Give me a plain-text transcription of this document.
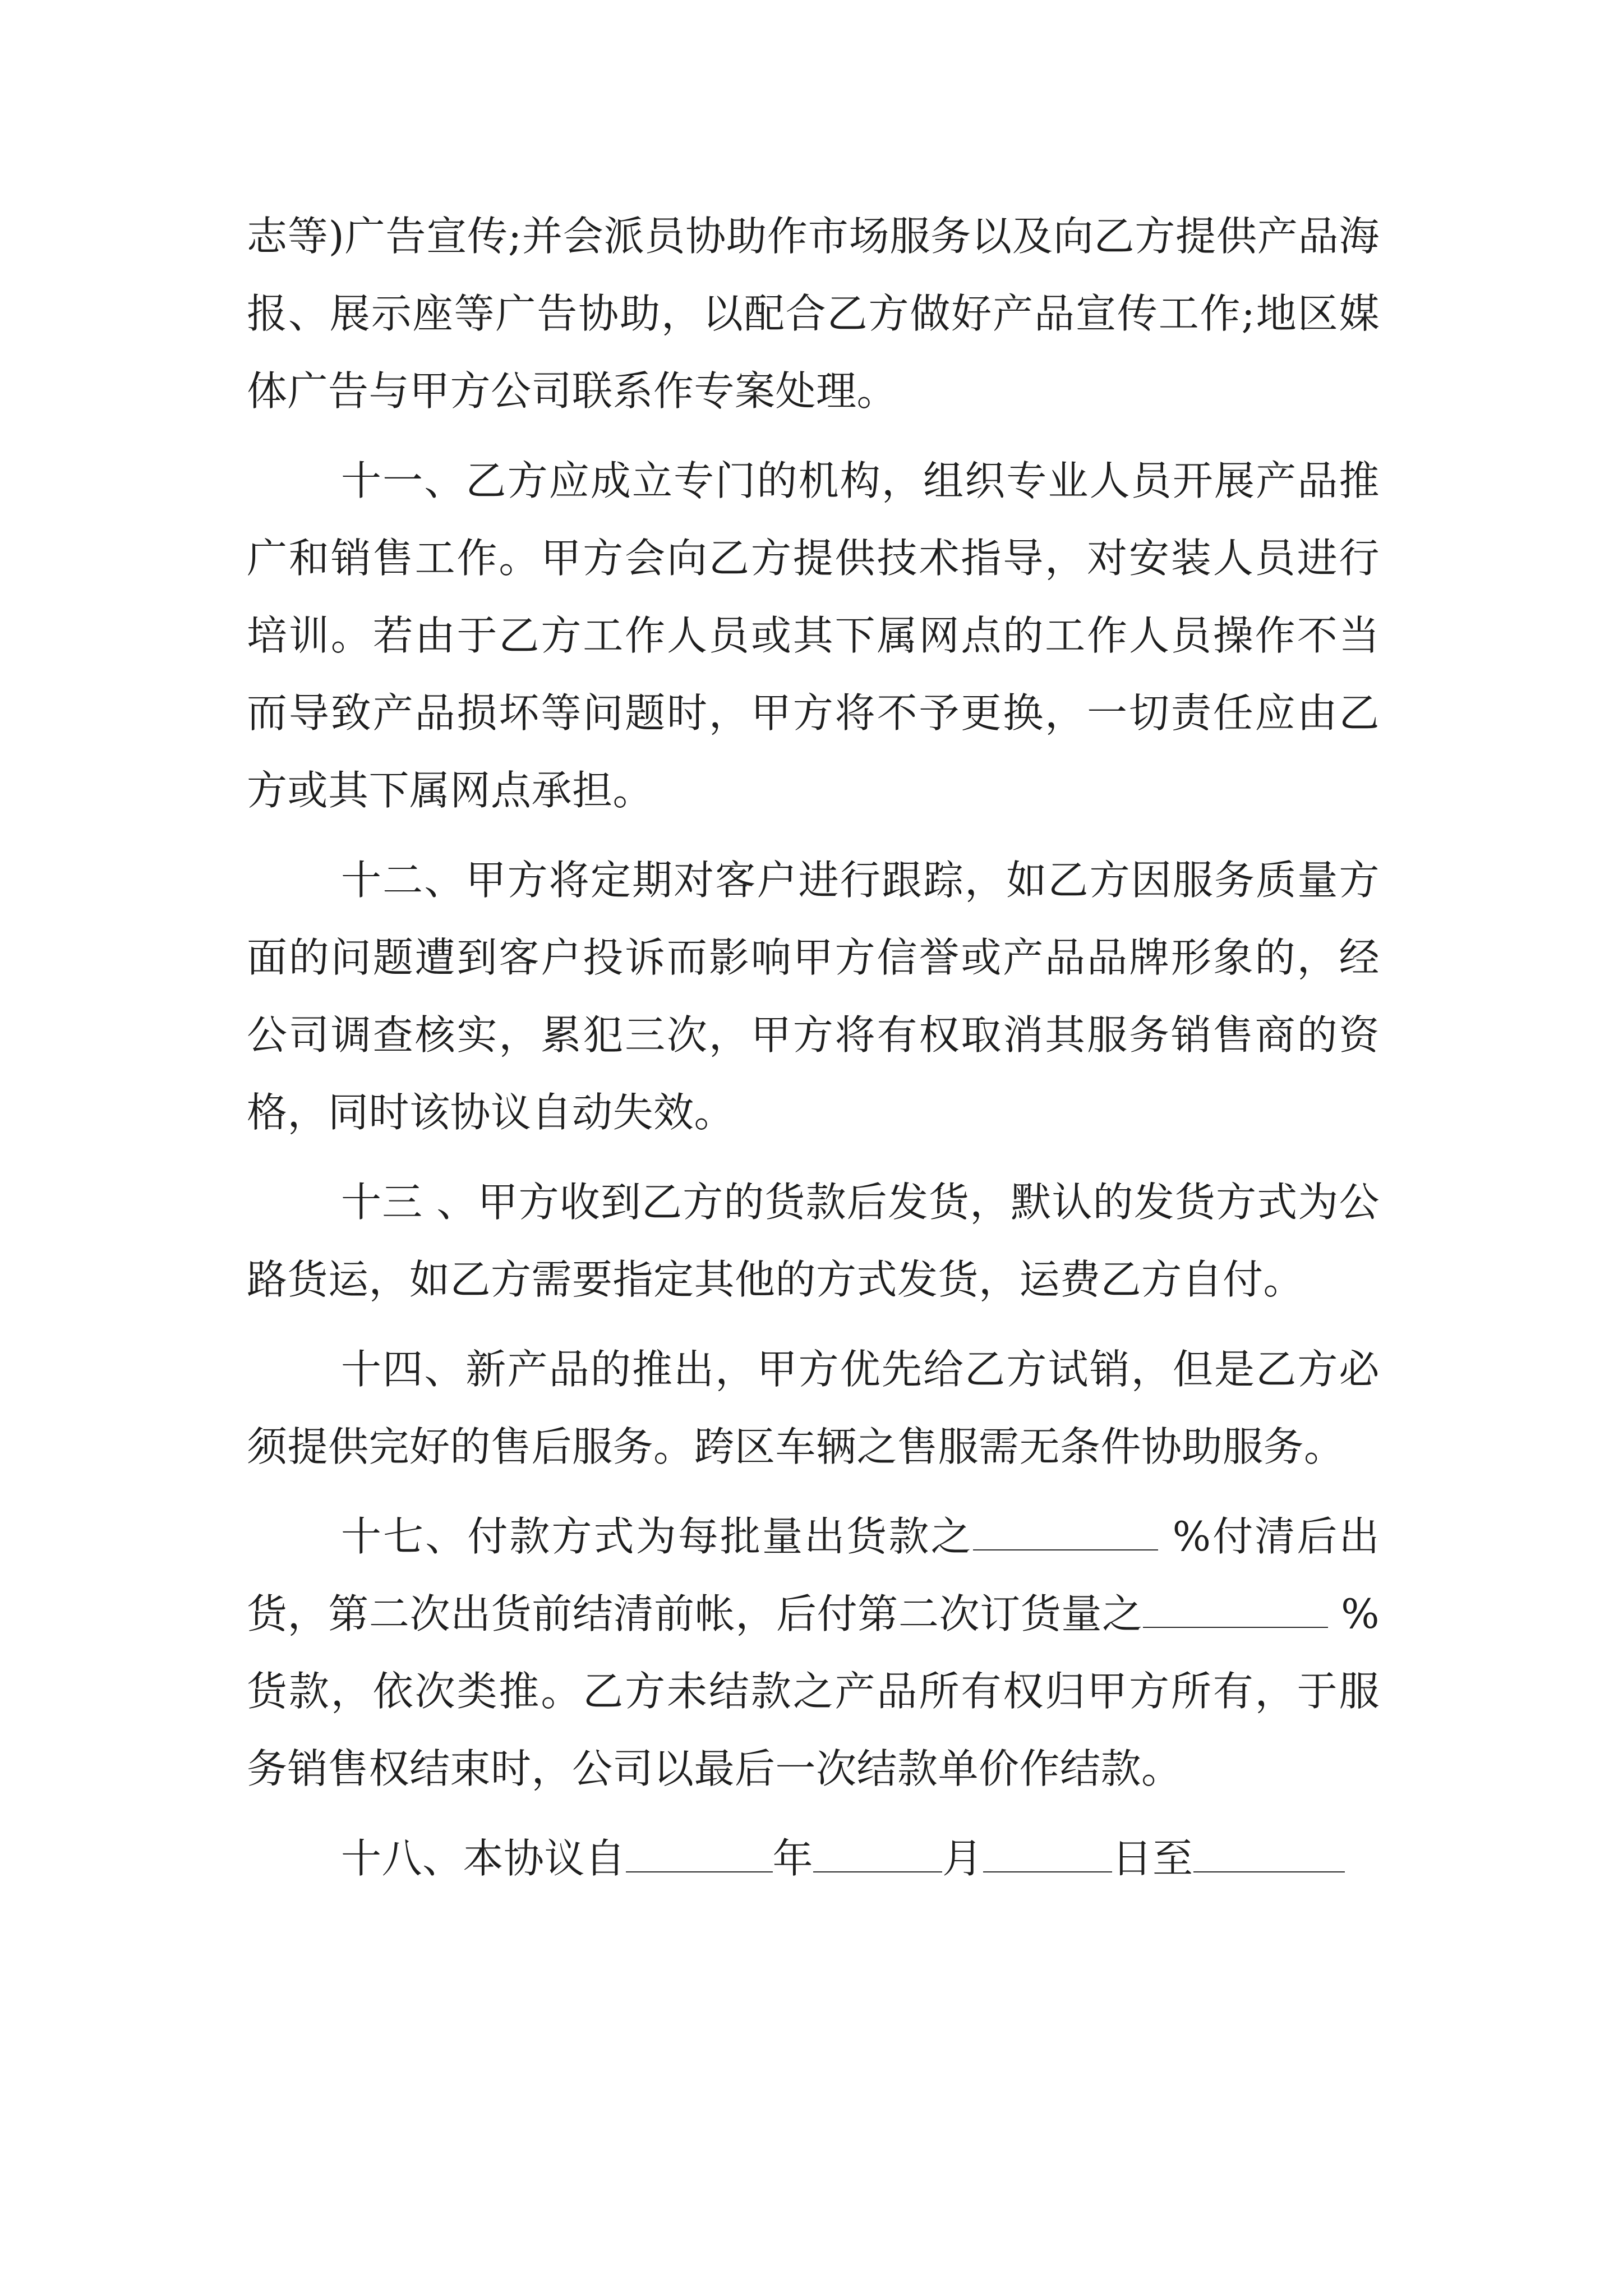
志等)广告宣传;并会派员协助作市场服务以及向乙方提供产品海报、展示座等广告协助，以配合乙方做好产品宣传工作;地区媒体广告与甲方公司联系作专案处理。

十一、乙方应成立专门的机构，组织专业人员开展产品推广和销售工作。甲方会向乙方提供技术指导，对安装人员进行培训。若由于乙方工作人员或其下属网点的工作人员操作不当而导致产品损坏等问题时，甲方将不予更换，一切责任应由乙方或其下属网点承担。

十二、甲方将定期对客户进行跟踪，如乙方因服务质量方面的问题遭到客户投诉而影响甲方信誉或产品品牌形象的，经公司调查核实，累犯三次，甲方将有权取消其服务销售商的资格，同时该协议自动失效。

十三 、甲方收到乙方的货款后发货，默认的发货方式为公路货运，如乙方需要指定其他的方式发货，运费乙方自付。

十四、新产品的推出，甲方优先给乙方试销，但是乙方必须提供完好的售后服务。跨区车辆之售服需无条件协助服务。

十七、付款方式为每批量出货款之	%付清后出货，第二次出货前结清前帐，后付第二次订货量之	%货款，依次类推。乙方未结款之产品所有权归甲方所有，于服务销售权结束时，公司以最后一次结款单价作结款。

十八、本协议自	年	月	日至
